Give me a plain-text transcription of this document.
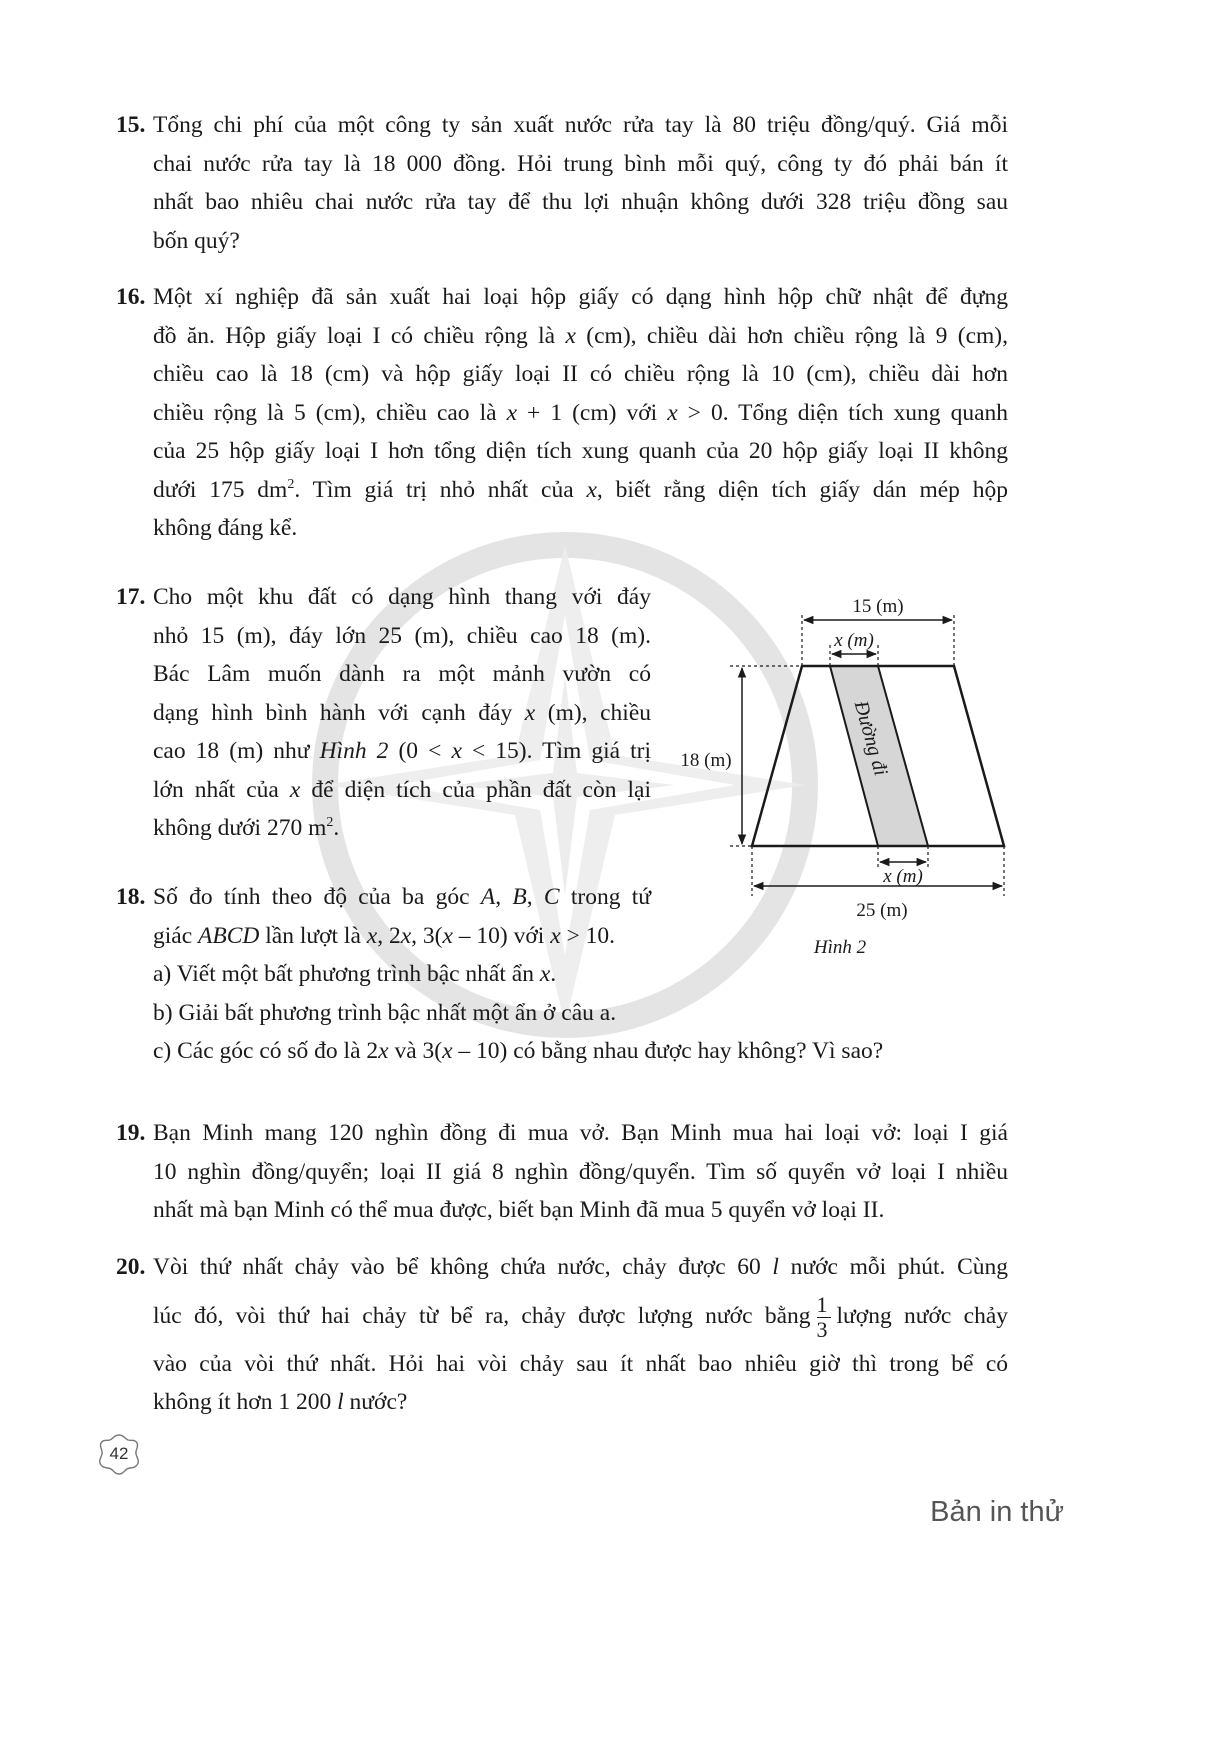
15. Tổng chi phí của một công ty sản xuất nước rửa tay là 80 triệu đồng/quý. Giá mỗi
chai nước rửa tay là 18 000 đồng. Hỏi trung bình mỗi quý, công ty đó phải bán ít
nhất bao nhiêu chai nước rửa tay để thu lợi nhuận không dưới 328 triệu đồng sau
bốn quý?
16. Một xí nghiệp đã sản xuất hai loại hộp giấy có dạng hình hộp chữ nhật để đựng
đồ ăn. Hộp giấy loại I có chiều rộng là x (cm), chiều dài hơn chiều rộng là 9 (cm),
chiều cao là 18 (cm) và hộp giấy loại II có chiều rộng là 10 (cm), chiều dài hơn
chiều rộng là 5 (cm), chiều cao là x + 1 (cm) với x > 0. Tổng diện tích xung quanh
của 25 hộp giấy loại I hơn tổng diện tích xung quanh của 20 hộp giấy loại II không
dưới 175 $dm^2$. Tìm giá trị nhỏ nhất của x, biết rằng diện tích giấy dán mép hộp
không đáng kể.
17. Cho một khu đất có dạng hình thang với đáy
nhỏ 15 (m), đáy lớn 25 (m), chiều cao 18 (m).
Bác Lâm muốn dành ra một mảnh vườn có
dạng hình bình hành với cạnh đáy x (m), chiều
cao 18 (m) như Hình 2 (0 < x < 15). Tìm giá trị
lớn nhất của x để diện tích của phần đất còn lại
không dưới 270 $m^2$.
18. Số đo tính theo độ của ba góc A, B, C trong tứ
giác ABCD lần lượt là x, 2x, 3(x – 10) với x > 10.
a) Viết một bất phương trình bậc nhất ẩn x.
b) Giải bất phương trình bậc nhất một ẩn ở câu a.
c) Các góc có số đo là 2x và 3(x – 10) có bằng nhau được hay không? Vì sao?
19. Bạn Minh mang 120 nghìn đồng đi mua vở. Bạn Minh mua hai loại vở: loại I giá
10 nghìn đồng/quyển; loại II giá 8 nghìn đồng/quyển. Tìm số quyển vở loại I nhiều
nhất mà bạn Minh có thể mua được, biết bạn Minh đã mua 5 quyển vở loại II.
20. Vòi thứ nhất chảy vào bể không chứa nước, chảy được 60 l nước mỗi phút. Cùng
lúc đó, vòi thứ hai chảy từ bể ra, chảy được lượng nước bằng $\frac{1}{3}$ lượng nước chảy
vào của vòi thứ nhất. Hỏi hai vòi chảy sau ít nhất bao nhiêu giờ thì trong bể có
không ít hơn 1 200 l nước?
15 (m)
x (m)
18 (m)	Đường đi
x (m)
25 (m)
Hình 2
42
Bản in thử
